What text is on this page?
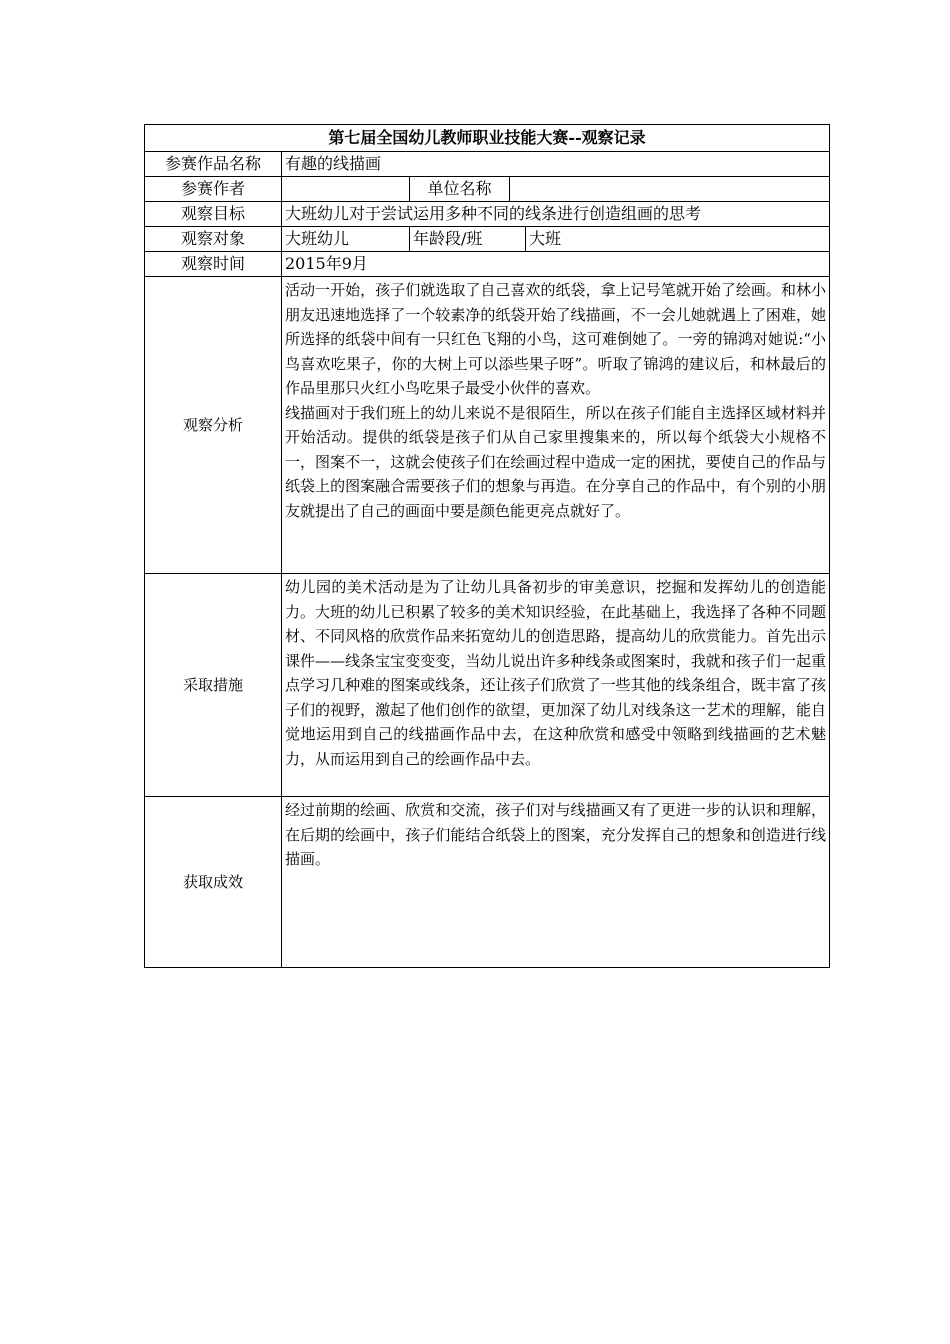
第七届全国幼儿教师职业技能大赛--观察记录				
参赛作品名称	有趣的线描画			
参赛作者		单位名称		
观察目标	大班幼儿对于尝试运用多种不同的线条进行创造组画的思考			
观察对象	大班幼儿	年龄段/班		大班
观察时间	2015年9月			
观察分析	活动一开始，孩子们就选取了自己喜欢的纸袋，拿上记号笔就开始了绘画。和林小朋友迅速地选择了一个较素净的纸袋开始了线描画，不一会儿她就遇上了困难，她所选择的纸袋中间有一只红色飞翔的小鸟，这可难倒她了。一旁的锦鸿对她说:“小鸟喜欢吃果子，你的大树上可以添些果子呀”。听取了锦鸿的建议后，和林最后的作品里那只火红小鸟吃果子最受小伙伴的喜欢。

线描画对于我们班上的幼儿来说不是很陌生，所以在孩子们能自主选择区域材料并开始活动。提供的纸袋是孩子们从自己家里搜集来的，所以每个纸袋大小规格不一，图案不一，这就会使孩子们在绘画过程中造成一定的困扰，要使自己的作品与纸袋上的图案融合需要孩子们的想象与再造。在分享自己的作品中，有个别的小朋友就提出了自己的画面中要是颜色能更亮点就好了。			

采取措施	幼儿园的美术活动是为了让幼儿具备初步的审美意识，挖掘和发挥幼儿的创造能力。大班的幼儿已积累了较多的美术知识经验，在此基础上，我选择了各种不同题材、不同风格的欣赏作品来拓宽幼儿的创造思路，提高幼儿的欣赏能力。首先出示课件——线条宝宝变变变，当幼儿说出许多种线条或图案时，我就和孩子们一起重点学习几种难的图案或线条，还让孩子们欣赏了一些其他的线条组合，既丰富了孩子们的视野，激起了他们创作的欲望，更加深了幼儿对线条这一艺术的理解，能自觉地运用到自己的线描画作品中去，在这种欣赏和感受中领略到线描画的艺术魅力，从而运用到自己的绘画作品中去。			

获取成效	经过前期的绘画、欣赏和交流，孩子们对与线描画又有了更进一步的认识和理解，在后期的绘画中，孩子们能结合纸袋上的图案，充分发挥自己的想象和创造进行线描画。			
